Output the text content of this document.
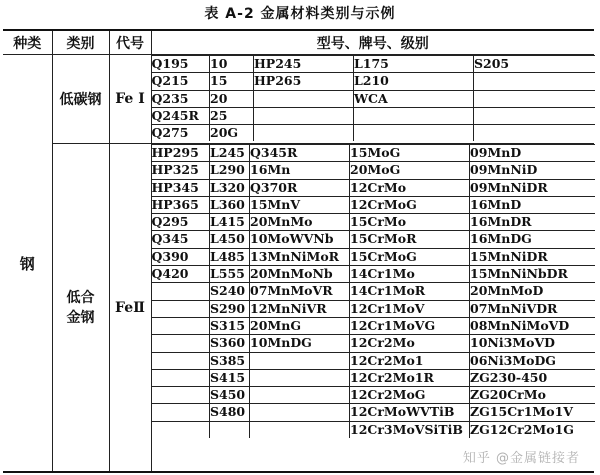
表 A-2 金属材料类别与示例
种类	类别	代号	型号、牌号、级别
钢	低碳钢	Fe I	
Q195	10	HP245	L175	S205
Q215	15	HP265	L210	
Q235	20		WCA	
Q245R	25			
Q275	20G			

低合金钢	FeⅡ	
HP295	L245	Q345R	15MoG	09MnD
HP325	L290	16Mn	20MoG	09MnNiD
HP345	L320	Q370R	12CrMo	09MnNiDR
HP365	L360	15MnV	12CrMoG	16MnD
Q295	L415	20MnMo	15CrMo	16MnDR
Q345	L450	10MoWVNb	15CrMoR	16MnDG
Q390	L485	13MnNiMoR	15CrMoG	15MnNiDR
Q420	L555	20MnMoNb	14Cr1Mo	15MnNiNbDR
	S240	07MnMoVR	14Cr1MoR	20MnMoD
	S290	12MnNiVR	12Cr1MoV	07MnNiVDR
	S315	20MnG	12Cr1MoVG	08MnNiMoVD
	S360	10MnDG	12Cr2Mo	10Ni3MoVD
	S385		12Cr2Mo1	06Ni3MoDG
	S415		12Cr2Mo1R	ZG230-450
	S450		12Cr2MoG	ZG20CrMo
	S480		12CrMoWVTiB	ZG15Cr1Mo1V
			12Cr3MoVSiTiB	ZG12Cr2Mo1G
知乎 @金属链接者
